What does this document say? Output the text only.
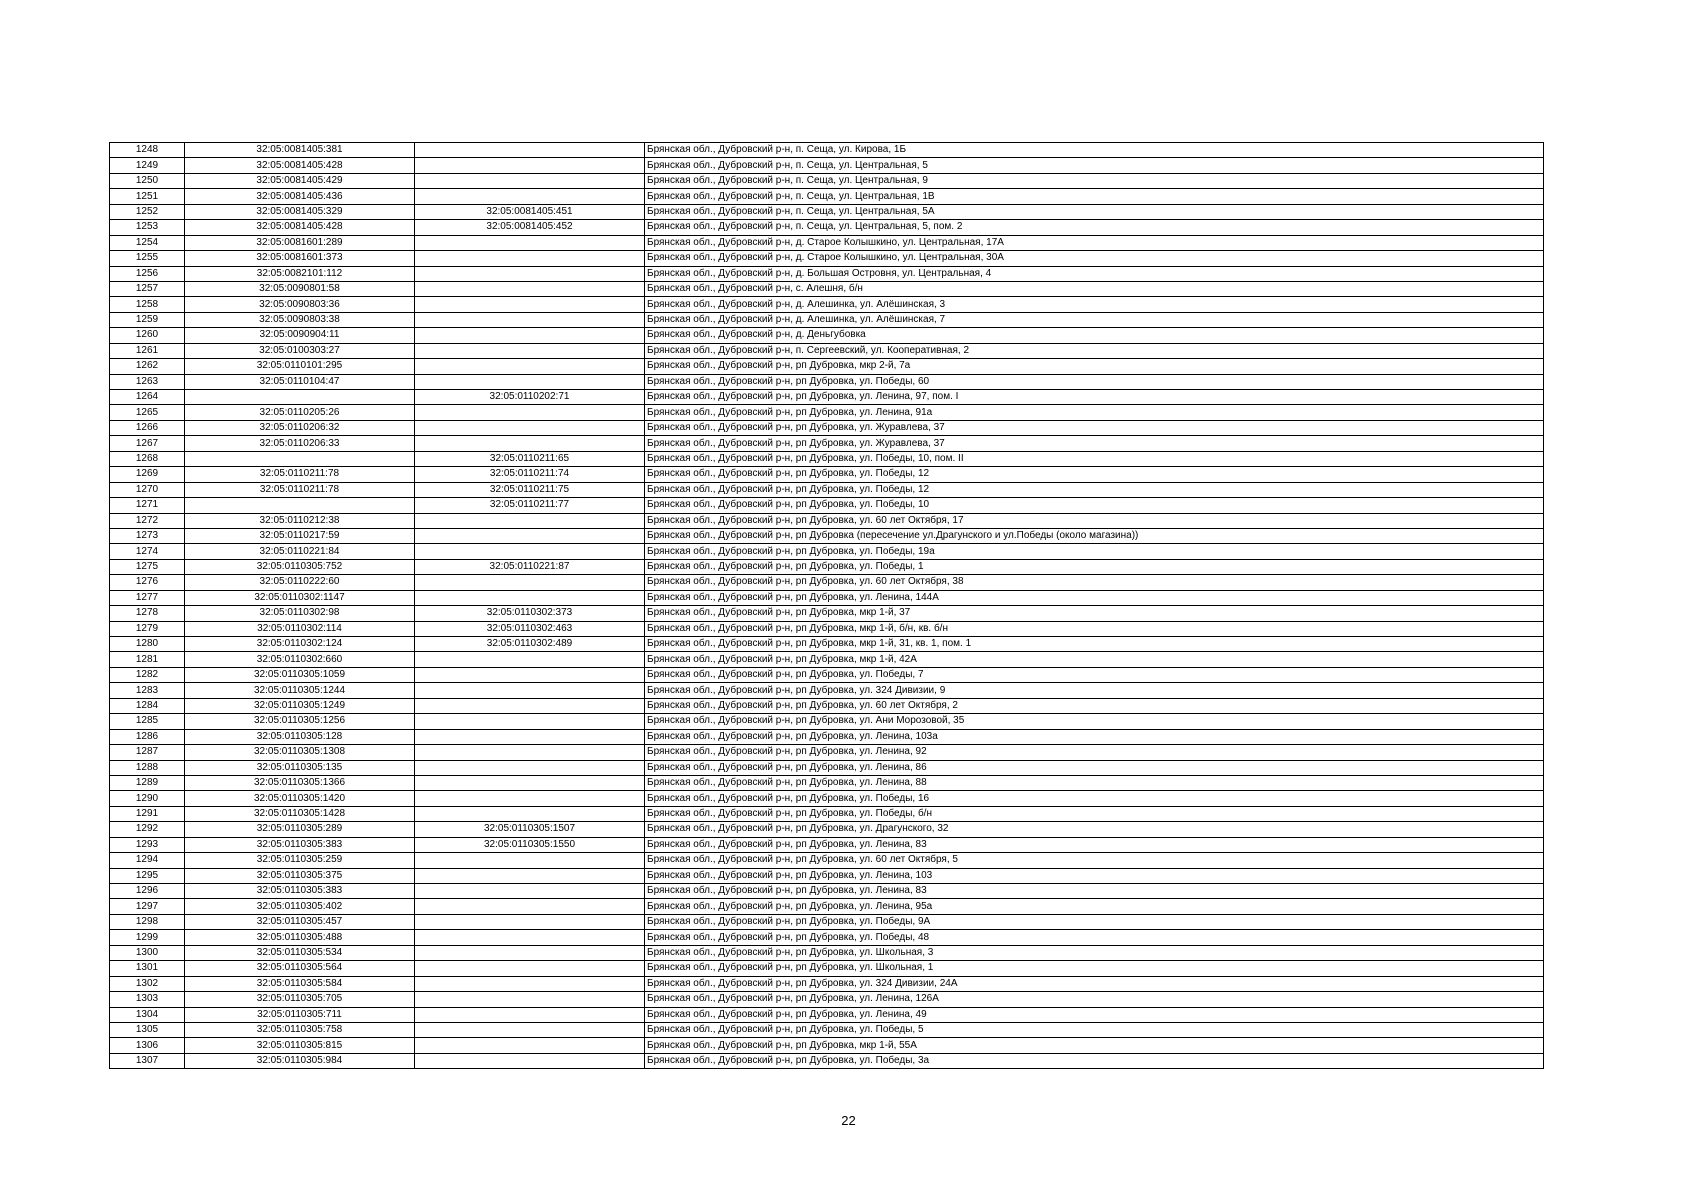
1248	32:05:0081405:381		Брянская обл., Дубровский р-н, п. Сеща, ул. Кирова, 1Б
1249	32:05:0081405:428		Брянская обл., Дубровский р-н, п. Сеща, ул. Центральная, 5
1250	32:05:0081405:429		Брянская обл., Дубровский р-н, п. Сеща, ул. Центральная, 9
1251	32:05:0081405:436		Брянская обл., Дубровский р-н, п. Сеща, ул. Центральная, 1В
1252	32:05:0081405:329	32:05:0081405:451	Брянская обл., Дубровский р-н, п. Сеща, ул. Центральная, 5А
1253	32:05:0081405:428	32:05:0081405:452	Брянская обл., Дубровский р-н, п. Сеща, ул. Центральная, 5, пом. 2
1254	32:05:0081601:289		Брянская обл., Дубровский р-н, д. Старое Колышкино, ул. Центральная, 17А
1255	32:05:0081601:373		Брянская обл., Дубровский р-н, д. Старое Колышкино, ул. Центральная, 30А
1256	32:05:0082101:112		Брянская обл., Дубровский р-н, д. Большая Островня, ул. Центральная, 4
1257	32:05:0090801:58		Брянская обл., Дубровский р-н, с. Алешня, б/н
1258	32:05:0090803:36		Брянская обл., Дубровский р-н, д. Алешинка, ул. Алёшинская, 3
1259	32:05:0090803:38		Брянская обл., Дубровский р-н, д. Алешинка, ул. Алёшинская, 7
1260	32:05:0090904:11		Брянская обл., Дубровский р-н, д. Деньгубовка
1261	32:05:0100303:27		Брянская обл., Дубровский р-н, п. Сергеевский, ул. Кооперативная, 2
1262	32:05:0110101:295		Брянская обл., Дубровский р-н, рп Дубровка, мкр 2-й, 7а
1263	32:05:0110104:47		Брянская обл., Дубровский р-н, рп Дубровка, ул. Победы, 60
1264		32:05:0110202:71	Брянская обл., Дубровский р-н, рп Дубровка, ул. Ленина, 97, пом. I
1265	32:05:0110205:26		Брянская обл., Дубровский р-н, рп Дубровка, ул. Ленина, 91а
1266	32:05:0110206:32		Брянская обл., Дубровский р-н, рп Дубровка, ул. Журавлева, 37
1267	32:05:0110206:33		Брянская обл., Дубровский р-н, рп Дубровка, ул. Журавлева, 37
1268		32:05:0110211:65	Брянская обл., Дубровский р-н, рп Дубровка, ул. Победы, 10, пом. II
1269	32:05:0110211:78	32:05:0110211:74	Брянская обл., Дубровский р-н, рп Дубровка, ул. Победы, 12
1270	32:05:0110211:78	32:05:0110211:75	Брянская обл., Дубровский р-н, рп Дубровка, ул. Победы, 12
1271		32:05:0110211:77	Брянская обл., Дубровский р-н, рп Дубровка, ул. Победы, 10
1272	32:05:0110212:38		Брянская обл., Дубровский р-н, рп Дубровка, ул. 60 лет Октября, 17
1273	32:05:0110217:59		Брянская обл., Дубровский р-н, рп Дубровка (пересечение ул.Драгунского и ул.Победы (около магазина))
1274	32:05:0110221:84		Брянская обл., Дубровский р-н, рп Дубровка, ул. Победы, 19а
1275	32:05:0110305:752	32:05:0110221:87	Брянская обл., Дубровский р-н, рп Дубровка, ул. Победы, 1
1276	32:05:0110222:60		Брянская обл., Дубровский р-н, рп Дубровка, ул. 60 лет Октября, 38
1277	32:05:0110302:1147		Брянская обл., Дубровский р-н, рп Дубровка, ул. Ленина, 144А
1278	32:05:0110302:98	32:05:0110302:373	Брянская обл., Дубровский р-н, рп Дубровка, мкр 1-й, 37
1279	32:05:0110302:114	32:05:0110302:463	Брянская обл., Дубровский р-н, рп Дубровка, мкр 1-й, б/н, кв. б/н
1280	32:05:0110302:124	32:05:0110302:489	Брянская обл., Дубровский р-н, рп Дубровка, мкр 1-й, 31, кв. 1, пом. 1
1281	32:05:0110302:660		Брянская обл., Дубровский р-н, рп Дубровка, мкр 1-й, 42А
1282	32:05:0110305:1059		Брянская обл., Дубровский р-н, рп Дубровка, ул. Победы, 7
1283	32:05:0110305:1244		Брянская обл., Дубровский р-н, рп Дубровка, ул. 324 Дивизии, 9
1284	32:05:0110305:1249		Брянская обл., Дубровский р-н, рп Дубровка, ул. 60 лет Октября, 2
1285	32:05:0110305:1256		Брянская обл., Дубровский р-н, рп Дубровка, ул. Ани Морозовой, 35
1286	32:05:0110305:128		Брянская обл., Дубровский р-н, рп Дубровка, ул. Ленина, 103а
1287	32:05:0110305:1308		Брянская обл., Дубровский р-н, рп Дубровка, ул. Ленина, 92
1288	32:05:0110305:135		Брянская обл., Дубровский р-н, рп Дубровка, ул. Ленина, 86
1289	32:05:0110305:1366		Брянская обл., Дубровский р-н, рп Дубровка, ул. Ленина, 88
1290	32:05:0110305:1420		Брянская обл., Дубровский р-н, рп Дубровка, ул. Победы, 16
1291	32:05:0110305:1428		Брянская обл., Дубровский р-н, рп Дубровка, ул. Победы, б/н
1292	32:05:0110305:289	32:05:0110305:1507	Брянская обл., Дубровский р-н, рп Дубровка, ул. Драгунского, 32
1293	32:05:0110305:383	32:05:0110305:1550	Брянская обл., Дубровский р-н, рп Дубровка, ул. Ленина, 83
1294	32:05:0110305:259		Брянская обл., Дубровский р-н, рп Дубровка, ул. 60 лет Октября, 5
1295	32:05:0110305:375		Брянская обл., Дубровский р-н, рп Дубровка, ул. Ленина, 103
1296	32:05:0110305:383		Брянская обл., Дубровский р-н, рп Дубровка, ул. Ленина, 83
1297	32:05:0110305:402		Брянская обл., Дубровский р-н, рп Дубровка, ул. Ленина, 95а
1298	32:05:0110305:457		Брянская обл., Дубровский р-н, рп Дубровка, ул. Победы, 9А
1299	32:05:0110305:488		Брянская обл., Дубровский р-н, рп Дубровка, ул. Победы, 48
1300	32:05:0110305:534		Брянская обл., Дубровский р-н, рп Дубровка, ул. Школьная, 3
1301	32:05:0110305:564		Брянская обл., Дубровский р-н, рп Дубровка, ул. Школьная, 1
1302	32:05:0110305:584		Брянская обл., Дубровский р-н, рп Дубровка, ул. 324 Дивизии, 24А
1303	32:05:0110305:705		Брянская обл., Дубровский р-н, рп Дубровка, ул. Ленина, 126А
1304	32:05:0110305:711		Брянская обл., Дубровский р-н, рп Дубровка, ул. Ленина, 49
1305	32:05:0110305:758		Брянская обл., Дубровский р-н, рп Дубровка, ул. Победы, 5
1306	32:05:0110305:815		Брянская обл., Дубровский р-н, рп Дубровка, мкр 1-й, 55А
1307	32:05:0110305:984		Брянская обл., Дубровский р-н, рп Дубровка, ул. Победы, 3а
22
